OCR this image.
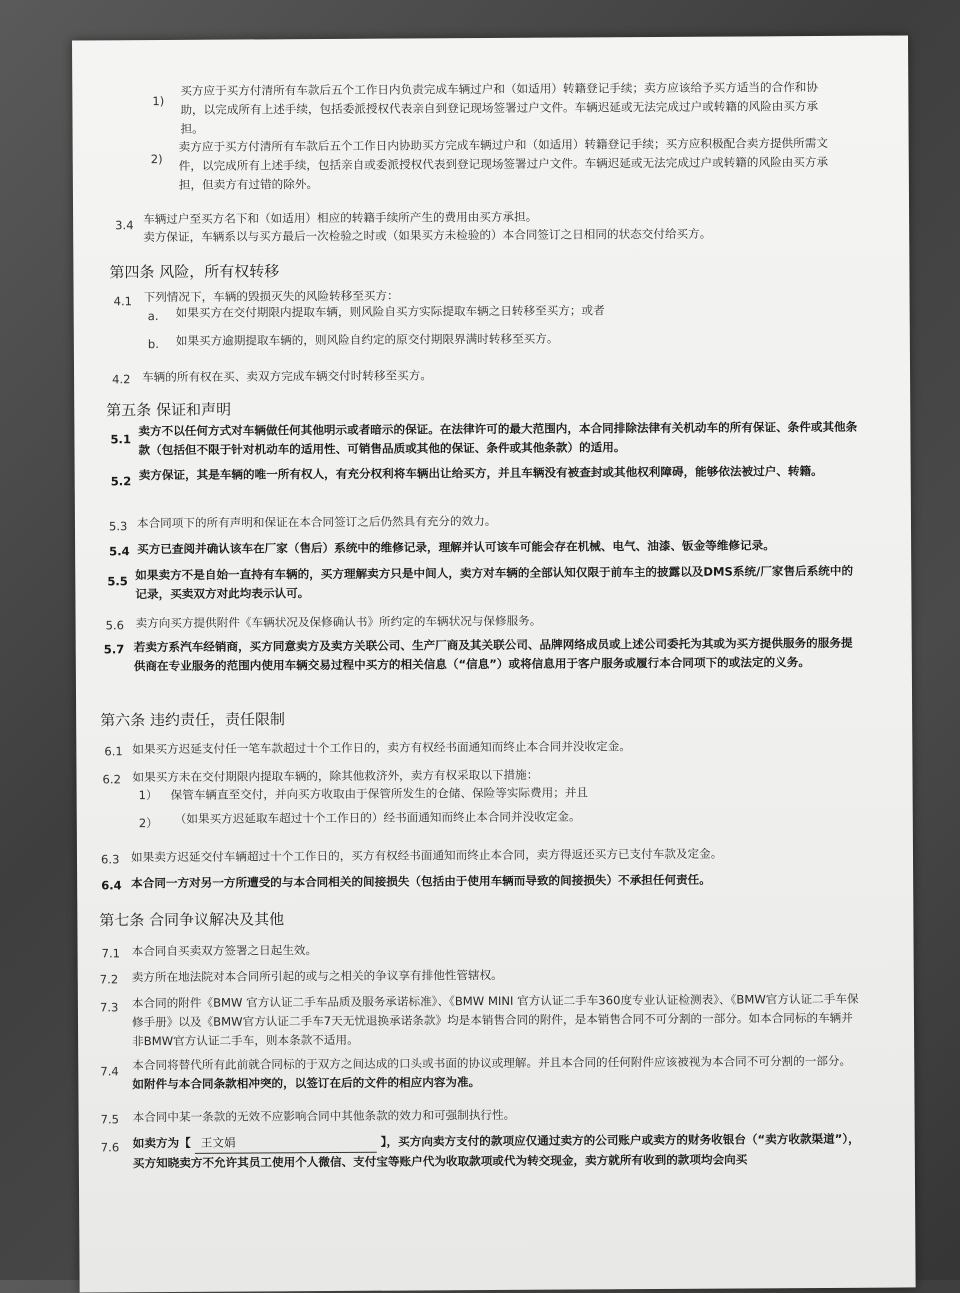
1)
买方应于买方付清所有车款后五个工作日内负责完成车辆过户和（如适用）转籍登记手续；卖方应该给予买方适当的合作和协助，以完成所有上述手续，包括委派授权代表亲自到登记现场签署过户文件。车辆迟延或无法完成过户或转籍的风险由买方承担。
2)
卖方应于买方付清所有车款后五个工作日内协助买方完成车辆过户和（如适用）转籍登记手续；买方应积极配合卖方提供所需文件，以完成所有上述手续，包括亲自或委派授权代表到登记现场签署过户文件。车辆迟延或无法完成过户或转籍的风险由买方承担，但卖方有过错的除外。
3.4 车辆过户至买方名下和（如适用）相应的转籍手续所产生的费用由买方承担。
卖方保证，车辆系以与买方最后一次检验之时或（如果买方未检验的）本合同签订之日相同的状态交付给买方。
第四条 风险，所有权转移
4.1 下列情况下，车辆的毁损灭失的风险转移至买方：
a. 如果买方在交付期限内提取车辆，则风险自买方实际提取车辆之日转移至买方；或者
b. 如果买方逾期提取车辆的，则风险自约定的原交付期限界满时转移至买方。
4.2 车辆的所有权在买、卖双方完成车辆交付时转移至买方。
第五条 保证和声明
5.1
卖方不以任何方式对车辆做任何其他明示或者暗示的保证。在法律许可的最大范围内，本合同排除法律有关机动车的所有保证、条件或其他条款（包括但不限于针对机动车的适用性、可销售品质或其他的保证、条件或其他条款）的适用。
5.2 卖方保证，其是车辆的唯一所有权人，有充分权利将车辆出让给买方，并且车辆没有被查封或其他权利障碍，能够依法被过户、转籍。
5.3 本合同项下的所有声明和保证在本合同签订之后仍然具有充分的效力。
5.4 买方已查阅并确认该车在厂家（售后）系统中的维修记录，理解并认可该车可能会存在机械、电气、油漆、钣金等维修记录。
5.5 如果卖方不是自始一直持有车辆的，买方理解卖方只是中间人，卖方对车辆的全部认知仅限于前车主的披露以及DMS系统/厂家售后系统中的记录，买卖双方对此均表示认可。
5.6 卖方向买方提供附件《车辆状况及保修确认书》所约定的车辆状况与保修服务。
5.7 若卖方系汽车经销商，买方同意卖方及卖方关联公司、生产厂商及其关联公司、品牌网络成员或上述公司委托为其或为买方提供服务的服务提供商在专业服务的范围内使用车辆交易过程中买方的相关信息（“信息”）或将信息用于客户服务或履行本合同项下的或法定的义务。
第六条 违约责任，责任限制
6.1 如果买方迟延支付任一笔车款超过十个工作日的，卖方有权经书面通知而终止本合同并没收定金。
6.2 如果买方未在交付期限内提取车辆的，除其他救济外，卖方有权采取以下措施：
1） 保管车辆直至交付，并向买方收取由于保管所发生的仓储、保险等实际费用；并且
2） （如果买方迟延取车超过十个工作日的）经书面通知而终止本合同并没收定金。
6.3 如果卖方迟延交付车辆超过十个工作日的，买方有权经书面通知而终止本合同，卖方得返还买方已支付车款及定金。
6.4 本合同一方对另一方所遭受的与本合同相关的间接损失（包括由于使用车辆而导致的间接损失）不承担任何责任。
第七条 合同争议解决及其他
7.1 本合同自买卖双方签署之日起生效。
7.2 卖方所在地法院对本合同所引起的或与之相关的争议享有排他性管辖权。
7.3 本合同的附件《BMW 官方认证二手车品质及服务承诺标准》、《BMW MINI 官方认证二手车360度专业认证检测表》、《BMW官方认证二手车保修手册》以及《BMW官方认证二手车7天无忧退换承诺条款》均是本销售合同的附件，是本销售合同不可分割的一部分。如本合同标的车辆并非BMW官方认证二手车，则本条款不适用。
7.4 本合同将替代所有此前就合同标的于双方之间达成的口头或书面的协议或理解。并且本合同的任何附件应该被视为本合同不可分割的一部分。如附件与本合同条款相冲突的，以签订在后的文件的相应内容为准。
7.5 本合同中某一条款的无效不应影响合同中其他条款的效力和可强制执行性。
7.6 如卖方为【 王文娟	】，买方向卖方支付的款项应仅通过卖方的公司账户或卖方的财务收银台（“卖方收款渠道”），买方知晓卖方不允许其员工使用个人微信、支付宝等账户代为收取款项或代为转交现金，卖方就所有收到的款项均会向买
